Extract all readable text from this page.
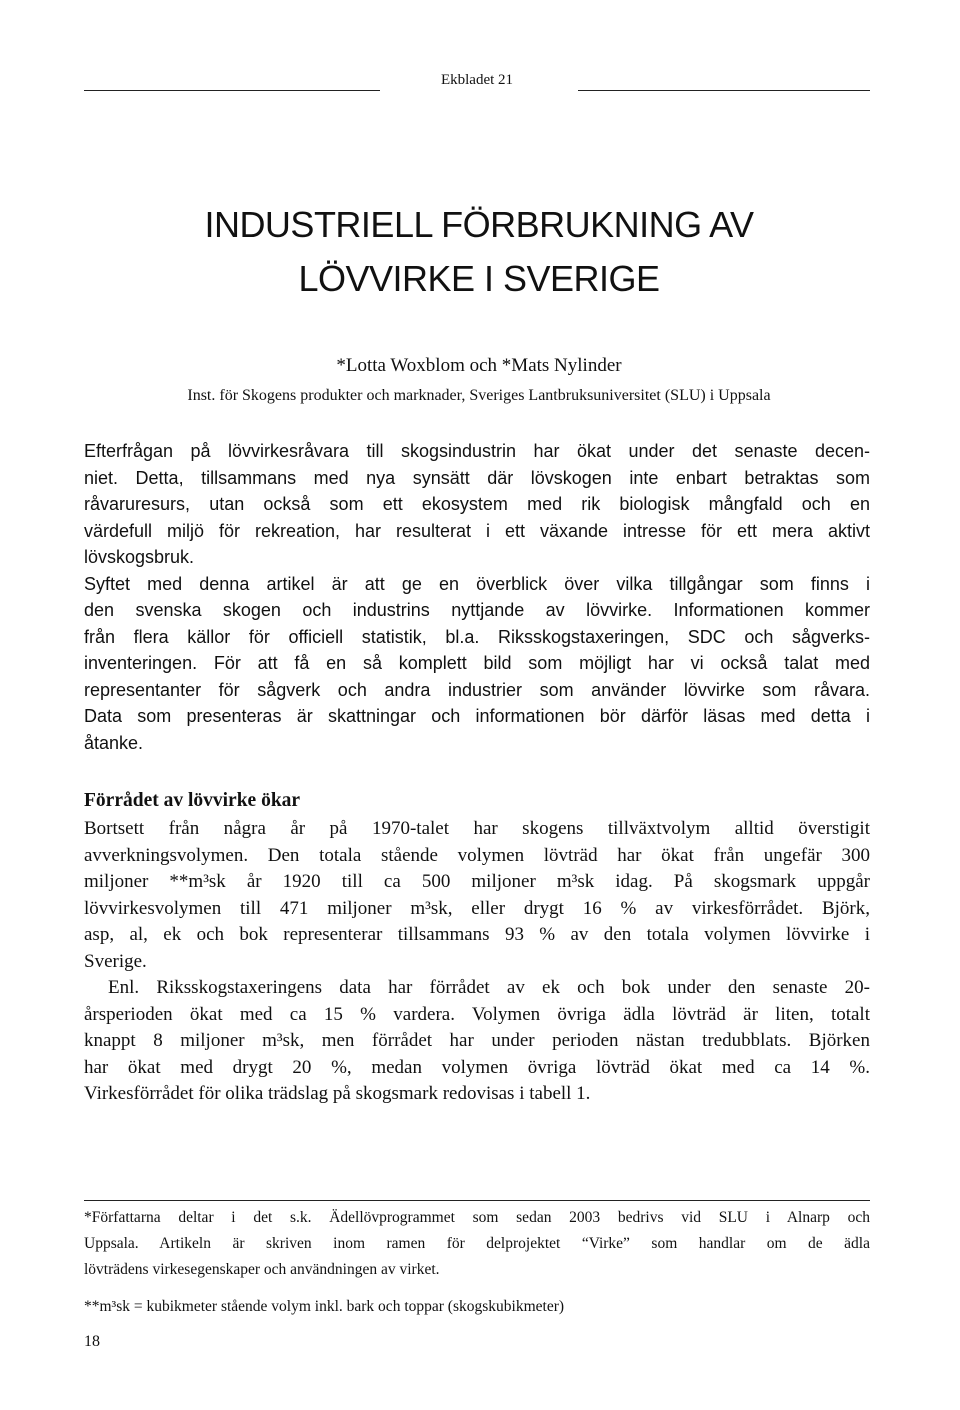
Ekbladet 21
INDUSTRIELL FÖRBRUKNING AV
LÖVVIRKE I SVERIGE
*Lotta Woxblom och *Mats Nylinder
Inst. för Skogens produkter och marknader, Sveriges Lantbruksuniversitet (SLU) i Uppsala
Efterfrågan på lövvirkesråvara till skogsindustrin har ökat under det senaste decen-
niet. Detta, tillsammans med nya synsätt där lövskogen inte enbart betraktas som
råvaruresurs, utan också som ett ekosystem med rik biologisk mångfald och en
värdefull miljö för rekreation, har resulterat i ett växande intresse för ett mera aktivt
lövskogsbruk.
Syftet med denna artikel är att ge en överblick över vilka tillgångar som finns i
den svenska skogen och industrins nyttjande av lövvirke. Informationen kommer
från flera källor för officiell statistik, bl.a. Riksskogstaxeringen, SDC och sågverks-
inventeringen. För att få en så komplett bild som möjligt har vi också talat med
representanter för sågverk och andra industrier som använder lövvirke som råvara.
Data som presenteras är skattningar och informationen bör därför läsas med detta i
åtanke.
Förrådet av lövvirke ökar
Bortsett från några år på 1970-talet har skogens tillväxtvolym alltid överstigit
avverkningsvolymen. Den totala stående volymen lövträd har ökat från ungefär 300
miljoner **m³sk år 1920 till ca 500 miljoner m³sk idag. På skogsmark uppgår
lövvirkesvolymen till 471 miljoner m³sk, eller drygt 16 % av virkesförrådet. Björk,
asp, al, ek och bok representerar tillsammans 93 % av den totala volymen lövvirke i
Sverige.
Enl. Riksskogstaxeringens data har förrådet av ek och bok under den senaste 20-
årsperioden ökat med ca 15 % vardera. Volymen övriga ädla lövträd är liten, totalt
knappt 8 miljoner m³sk, men förrådet har under perioden nästan tredubblats. Björken
har ökat med drygt 20 %, medan volymen övriga lövträd ökat med ca 14 %.
Virkesförrådet för olika trädslag på skogsmark redovisas i tabell 1.
*Författarna deltar i det s.k. Ädellövprogrammet som sedan 2003 bedrivs vid SLU i Alnarp och
Uppsala. Artikeln är skriven inom ramen för delprojektet “Virke” som handlar om de ädla
lövträdens virkesegenskaper och användningen av virket.
**m³sk = kubikmeter stående volym inkl. bark och toppar (skogskubikmeter)
18
